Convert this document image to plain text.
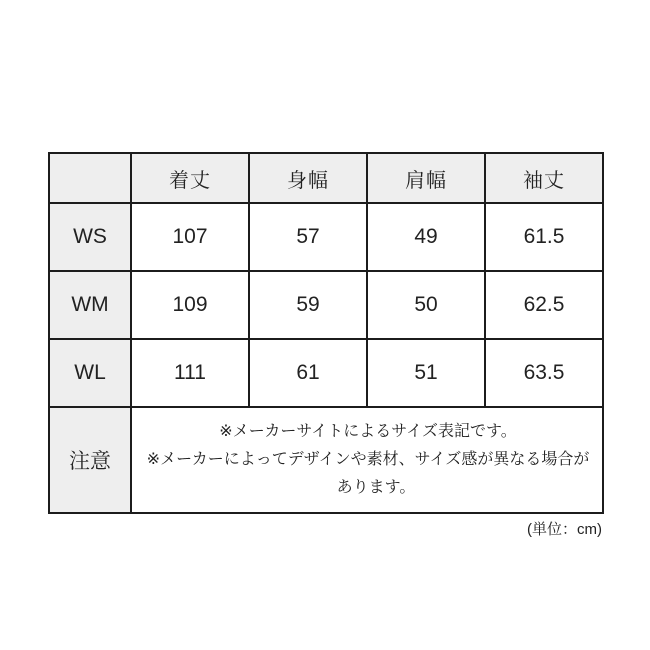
	着丈	身幅	肩幅	袖丈
WS	107	57	49	61.5
WM	109	59	50	62.5
WL	111	61	51	63.5
注意	※メーカーサイトによるサイズ表記です。

※メーカーによってデザインや素材、サイズ感が異なる場合があります。			

(単位：cm)
